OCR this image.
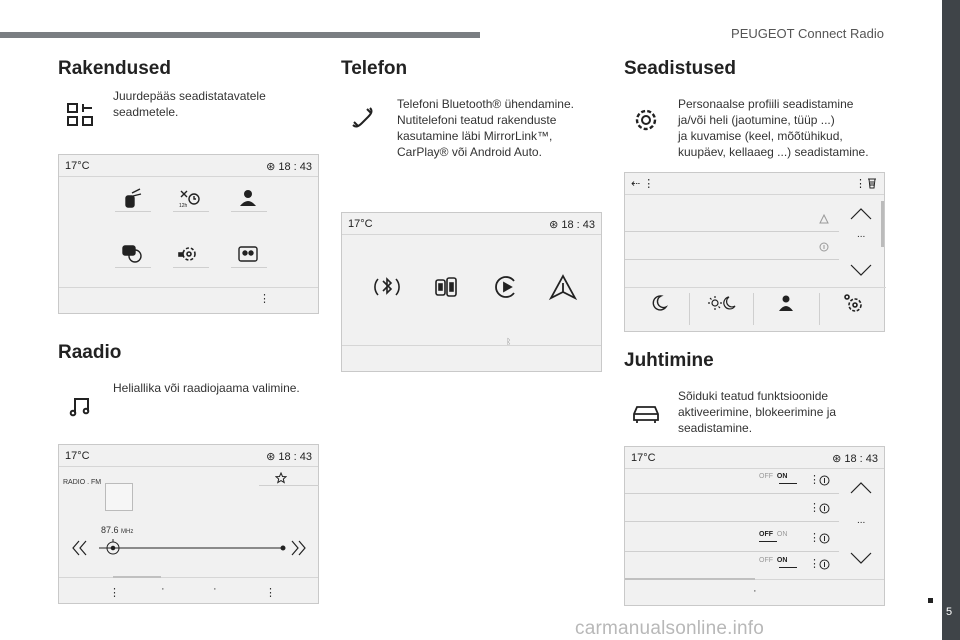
PEUGEOT Connect Radio
5
carmanualsonline.info
Rakendused
Juurdepääs seadistatavatele
seadmetele.
17°C	⊛ 18 : 43
12h
⋮
Raadio
Heliallika või raadiojaama valimine.
17°C	⊛ 18 : 43
RADIO . FM
87.6 MHz
⋮	·	·	⋮
Telefon
Telefoni Bluetooth® ühendamine.
Nutitelefoni teatud rakenduste
kasutamine läbi MirrorLink™,
CarPlay® või Android Auto.
17°C	⊛ 18 : 43
ᛒ
Seadistused
Personaalse profiili seadistamine
ja/või heli (jaotumine, tüüp ...)
ja kuvamise (keel, mõõtühikud,
kuupäev, kellaaeg ...) seadistamine.
⇠ ⋮	⋮
...
Juhtimine
Sõiduki teatud funktsioonide
aktiveerimine, blokeerimine ja
seadistamine.
17°C	⊛ 18 : 43
OFF ON ⋮
⋮
OFF ON ⋮
OFF ON ⋮
...
·
